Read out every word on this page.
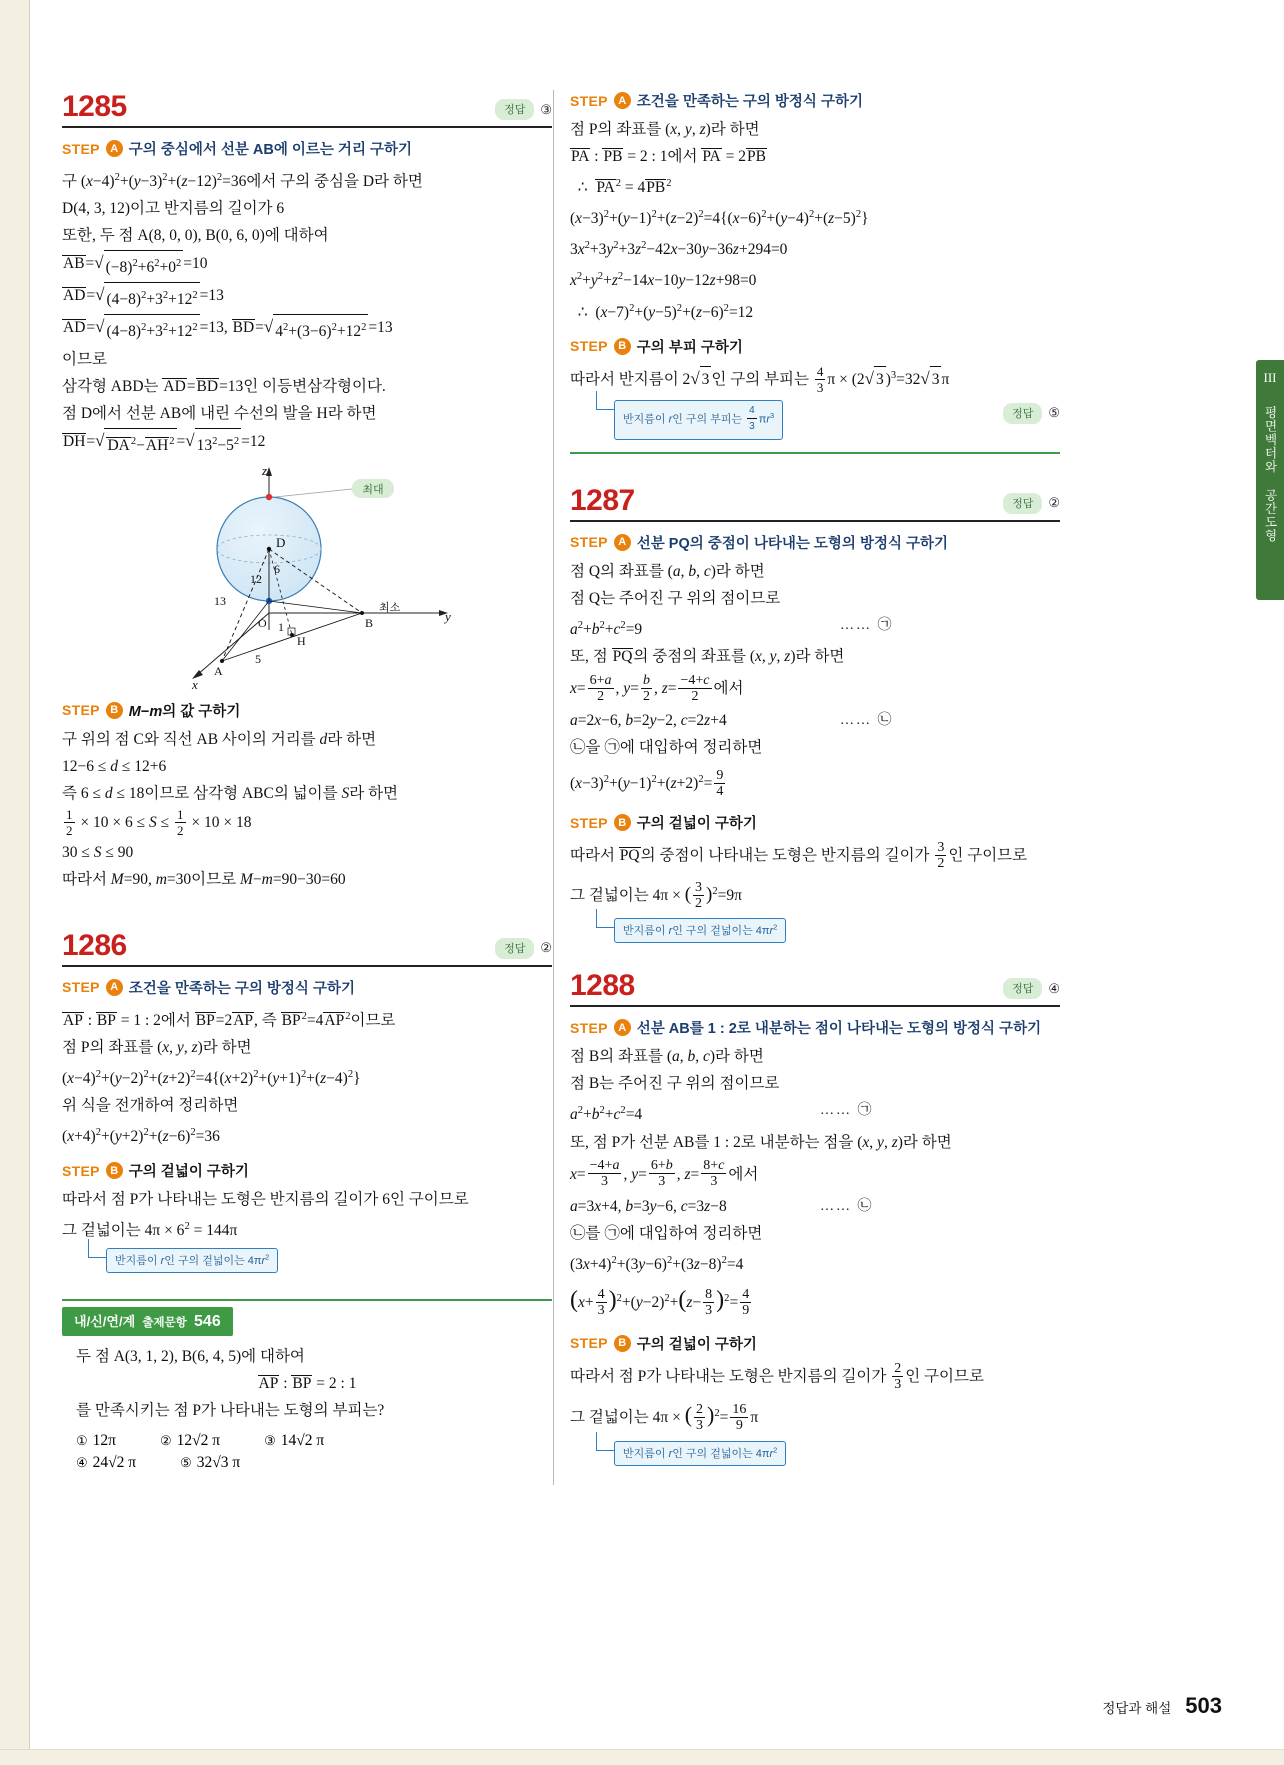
III
평면벡터와 공간도형
1285	정답	③
STEP A 구의 중심에서 선분 AB에 이르는 거리 구하기
구 $(x-4)^2+(y-3)^2+(z-12)^2=36$에서 구의 중심을 D라 하면
D(4, 3, 12)이고 반지름의 길이가 6
또한, 두 점 A(8, 0, 0), B(0, 6, 0)에 대하여
AB= √ $(-8)^2+6^2+0^2 =10$
AD= √ $(4-8)^2+3^2+12^2 =13$
AD= √ $(4-8)^2+3^2+12^2 =13$, BD= √ $4^2+(3-6)^2+12^2 =13$
이므로
삼각형 ABD는 AD=BD=13인 이등변삼각형이다.
점 D에서 선분 AB에 내린 수선의 발을 H라 하면
DH= √ $DA^2-AH^2$ = √ $13^2-5^2 =12$
최대
z
y
x
D
6
12
최소
13
O 1	B
H
5
A
STEP B M−m의 값 구하기
구 위의 점 C와 직선 AB 사이의 거리를 d라 하면
12−6 ≤ d ≤ 12+6
즉 6 ≤ d ≤ 18이므로 삼각형 ABC의 넓이를 S라 하면
$\frac{1}{2} \times 10 \times 6 \le S \le \frac{1}{2} \times 10 \times 18$
30 ≤ S ≤ 90
따라서 M=90, m=30이므로 M−m=90−30=60
1286	정답	②
STEP A 조건을 만족하는 구의 방정식 구하기
AP : BP = 1 : 2에서 BP=2AP, 즉 $BP^2=4AP^2$이므로
점 P의 좌표를 (x, y, z)라 하면
$(x-4)^2+(y-2)^2+(z+2)^2=4\{(x+2)^2+(y+1)^2+(z-4)^2\}$
위 식을 전개하여 정리하면
$(x+4)^2+(y+2)^2+(z-6)^2=36$
STEP B 구의 겉넓이 구하기
따라서 점 P가 나타내는 도형은 반지름의 길이가 6인 구이므로
그 겉넓이는 $4\pi \times 6^2 = 144\pi$
반지름이 r인 구의 겉넓이는 $4\pi r^2$
내/신/연/계 출제문항 546
두 점 A(3, 1, 2), B(6, 4, 5)에 대하여
AP : BP = 2 : 1
를 만족시키는 점 P가 나타내는 도형의 부피는?
① 12π	② 12√2 π	③ 14√2 π
④ 24√2 π	⑤ 32√3 π
STEP A 조건을 만족하는 구의 방정식 구하기
점 P의 좌표를 (x, y, z)라 하면
PA : PB = 2 : 1에서 PA = 2PB
∴  $PA^2 = 4PB^2$
$(x-3)^2+(y-1)^2+(z-2)^2=4\{(x-6)^2+(y-4)^2+(z-5)^2\}$
$3x^2+3y^2+3z^2-42x-30y-36z+294=0$
$x^2+y^2+z^2-14x-10y-12z+98=0$
∴  $(x-7)^2+(y-5)^2+(z-6)^2=12$
STEP B 구의 부피 구하기
따라서 반지름이 2 √ 3 인 구의 부피는 $\frac{4}{3}$ π × (2 √ 3 )$^3$=32 √ 3 π
반지름이 r인 구의 부피는 $\frac{4}{3} \pi r^3$	정답	⑤
1287	정답	②
STEP A 선분 PQ의 중점이 나타내는 도형의 방정식 구하기
점 Q의 좌표를 (a, b, c)라 하면
점 Q는 주어진 구 위의 점이므로
$a^2+b^2+c^2=9$	…… ㉠
또, 점 PQ의 중점의 좌표를 (x, y, z)라 하면
$x= \frac{6+a}{2}$ , $y= \frac{b}{2}$ , $z= \frac{-4+c}{2}$ 에서
a=2x−6, b=2y−2, c=2z+4	…… ㉡
㉡을 ㉠에 대입하여 정리하면
$(x-3)^2+(y-1)^2+(z+2)^2= \frac{9}{4}$
STEP B 구의 겉넓이 구하기
따라서 PQ의 중점이 나타내는 도형은 반지름의 길이가 $\frac{3}{2}$ 인 구이므로
그 겉넓이는 4π × ( $\frac{3}{2} )^2=9\pi$
반지름이 r인 구의 겉넓이는 $4\pi r^2$
1288	정답	④
STEP A 선분 AB를 1 : 2로 내분하는 점이 나타내는 도형의 방정식 구하기
점 B의 좌표를 (a, b, c)라 하면
점 B는 주어진 구 위의 점이므로
$a^2+b^2+c^2=4$	…… ㉠
또, 점 P가 선분 AB를 1 : 2로 내분하는 점을 (x, y, z)라 하면
$x= \frac{-4+a}{3}$ , $y= \frac{6+b}{3}$ , $z= \frac{8+c}{3}$ 에서
a=3x+4, b=3y−6, c=3z−8	…… ㉡
㉡를 ㉠에 대입하여 정리하면
$(3x+4)^2+(3y-6)^2+(3z-8)^2=4$
$(x+ \frac{4}{3} )^2+(y-2)^2+(z- \frac{8}{3} )^2= \frac{4}{9}$
STEP B 구의 겉넓이 구하기
따라서 점 P가 나타내는 도형은 반지름의 길이가 $\frac{2}{3}$ 인 구이므로
그 겉넓이는 4π × ( $\frac{2}{3} )^2= \frac{16}{9}$ π
반지름이 r인 구의 겉넓이는 $4\pi r^2$
정답과 해설 503
